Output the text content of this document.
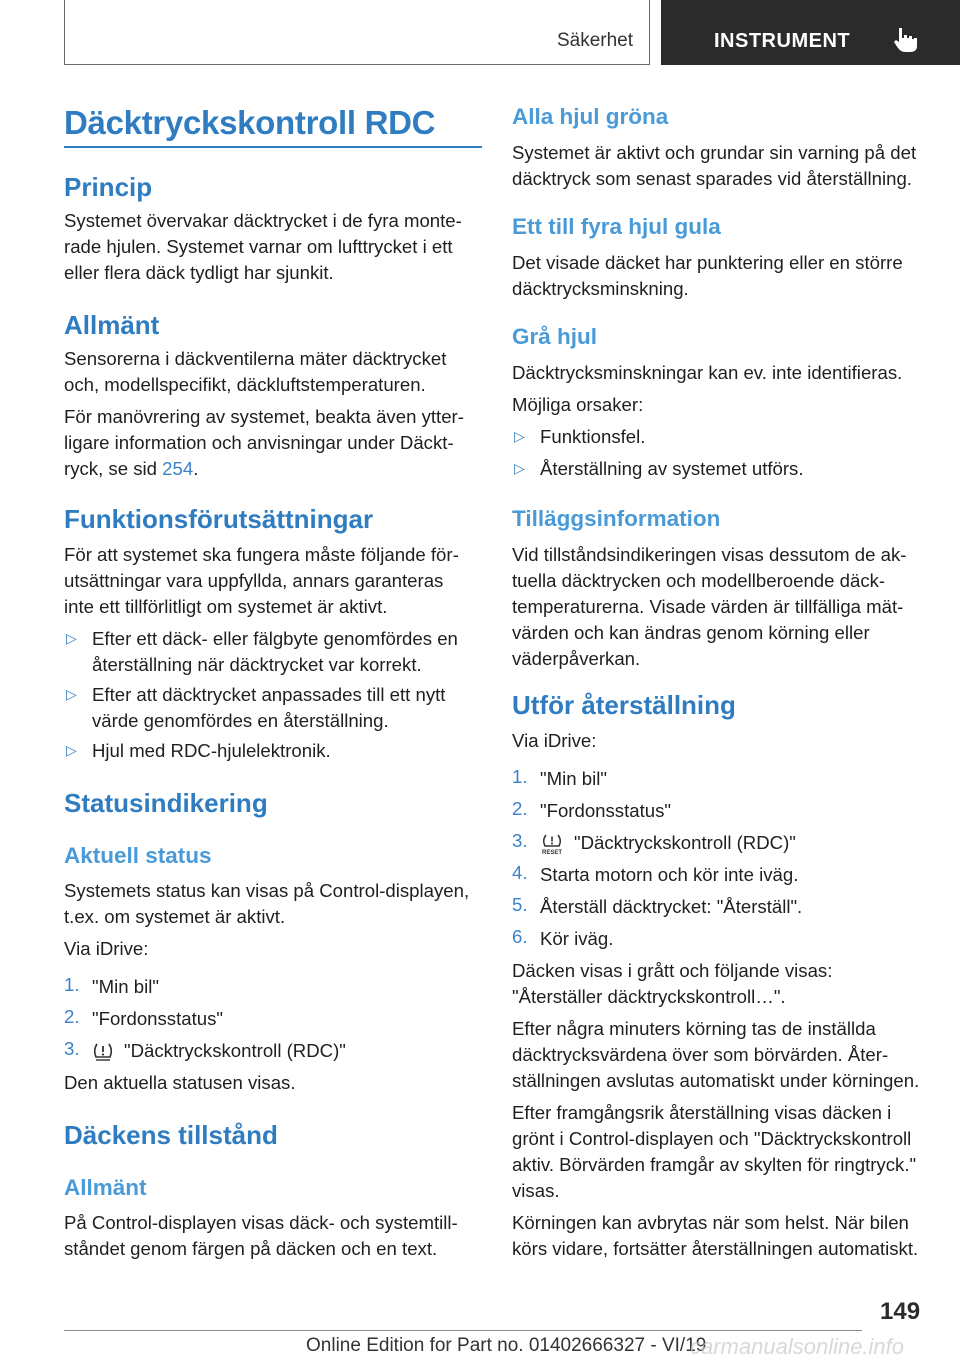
Säkerhet	INSTRUMENT
Däcktryckskontroll RDC
Princip
Systemet övervakar däcktrycket i de fyra monte-
rade hjulen. Systemet varnar om lufttrycket i ett
eller flera däck tydligt har sjunkit.
Allmänt
Sensorerna i däckventilerna mäter däcktrycket
och, modellspecifikt, däckluftstemperaturen.
För manövrering av systemet, beakta även ytter-
ligare information och anvisningar under Däckt-
ryck, se sid 254.
Funktionsförutsättningar
För att systemet ska fungera måste följande för-
utsättningar vara uppfyllda, annars garanteras
inte ett tillförlitligt om systemet är aktivt.
▷ Efter ett däck- eller fälgbyte genomfördes en
återställning när däcktrycket var korrekt.
▷ Efter att däcktrycket anpassades till ett nytt
värde genomfördes en återställning.
▷ Hjul med RDC-hjulelektronik.
Statusindikering
Aktuell status
Systemets status kan visas på Control-displayen,
t.ex. om systemet är aktivt.
Via iDrive:
1. "Min bil"
2. "Fordonsstatus"
3.	"Däcktryckskontroll (RDC)"
Den aktuella statusen visas.
Däckens tillstånd
Allmänt
På Control-displayen visas däck- och systemtill-
ståndet genom färgen på däcken och en text.
Alla hjul gröna
Systemet är aktivt och grundar sin varning på det
däcktryck som senast sparades vid återställning.
Ett till fyra hjul gula
Det visade däcket har punktering eller en större
däcktrycksminskning.
Grå hjul
Däcktrycksminskningar kan ev. inte identifieras.
Möjliga orsaker:
▷ Funktionsfel.
▷ Återställning av systemet utförs.
Tilläggsinformation
Vid tillståndsindikeringen visas dessutom de ak-
tuella däcktrycken och modellberoende däck-
temperaturerna. Visade värden är tillfälliga mät-
värden och kan ändras genom körning eller
väderpåverkan.
Utför återställning
Via iDrive:
1. "Min bil"
2. "Fordonsstatus"
3.
RESET
"Däcktryckskontroll (RDC)"
4. Starta motorn och kör inte iväg.
5. Återställ däcktrycket: "Återställ".
6. Kör iväg.
Däcken visas i grått och följande visas:
"Återställer däcktryckskontroll…".
Efter några minuters körning tas de inställda
däcktrycksvärdena över som börvärden. Åter-
ställningen avslutas automatiskt under körningen.
Efter framgångsrik återställning visas däcken i
grönt i Control-displayen och "Däcktryckskontroll
aktiv. Börvärden framgår av skylten för ringtryck."
visas.
Körningen kan avbrytas när som helst. När bilen
körs vidare, fortsätter återställningen automatiskt.
149
Online Edition for Part no. 01402666327 - VI/19
carmanualsonline.info
